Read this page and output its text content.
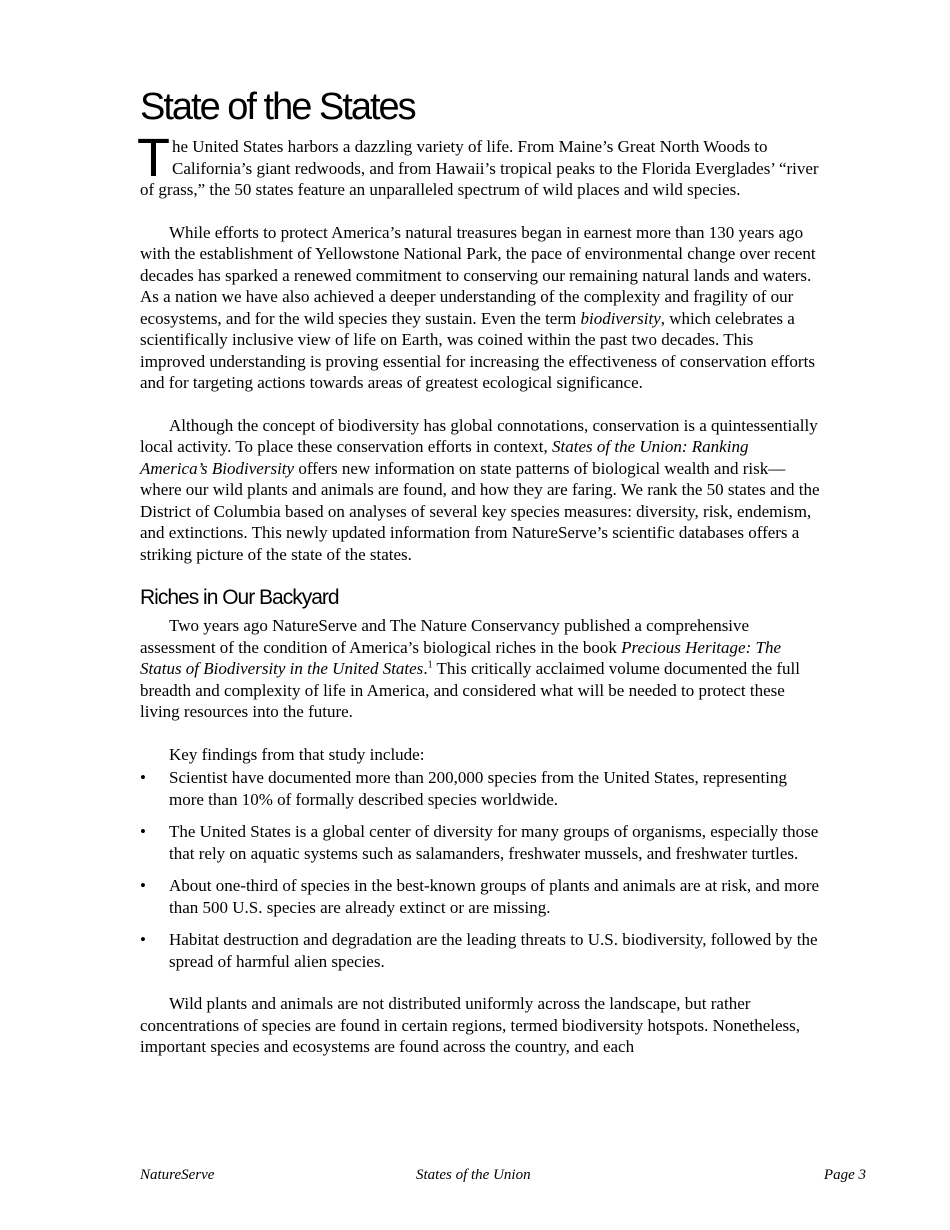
State of the States

The United States harbors a dazzling variety of life. From Maine’s Great North Woods to California’s giant redwoods, and from Hawaii’s tropical peaks to the Florida Everglades’ “river of grass,” the 50 states feature an unparalleled spectrum of wild places and wild species.

While efforts to protect America’s natural treasures began in earnest more than 130 years ago with the establishment of Yellowstone National Park, the pace of environmental change over recent decades has sparked a renewed commitment to conserving our remaining natural lands and waters. As a nation we have also achieved a deeper understanding of the complexity and fragility of our ecosystems, and for the wild species they sustain. Even the term biodiversity, which celebrates a scientifically inclusive view of life on Earth, was coined within the past two decades. This improved understanding is proving essential for increasing the effectiveness of conservation efforts and for targeting actions towards areas of greatest ecological significance.

Although the concept of biodiversity has global connotations, conservation is a quintessentially local activity. To place these conservation efforts in context, States of the Union: Ranking America’s Biodiversity offers new information on state patterns of biological wealth and risk—where our wild plants and animals are found, and how they are faring. We rank the 50 states and the District of Columbia based on analyses of several key species measures: diversity, risk, endemism, and extinctions. This newly updated information from NatureServe’s scientific databases offers a striking picture of the state of the states.

Riches in Our Backyard

Two years ago NatureServe and The Nature Conservancy published a comprehensive assessment of the condition of America’s biological riches in the book Precious Heritage: The Status of Biodiversity in the United States.$^1$ This critically acclaimed volume documented the full breadth and complexity of life in America, and considered what will be needed to protect these living resources into the future.

Key findings from that study include:

• Scientist have documented more than 200,000 species from the United States, representing more than 10% of formally described species worldwide.
• The United States is a global center of diversity for many groups of organisms, especially those that rely on aquatic systems such as salamanders, freshwater mussels, and freshwater turtles.
• About one-third of species in the best-known groups of plants and animals are at risk, and more than 500 U.S. species are already extinct or are missing.
• Habitat destruction and degradation are the leading threats to U.S. biodiversity, followed by the spread of harmful alien species.

Wild plants and animals are not distributed uniformly across the landscape, but rather concentrations of species are found in certain regions, termed biodiversity hotspots. Nonetheless, important species and ecosystems are found across the country, and each

NatureServe	States of the Union	Page 3
